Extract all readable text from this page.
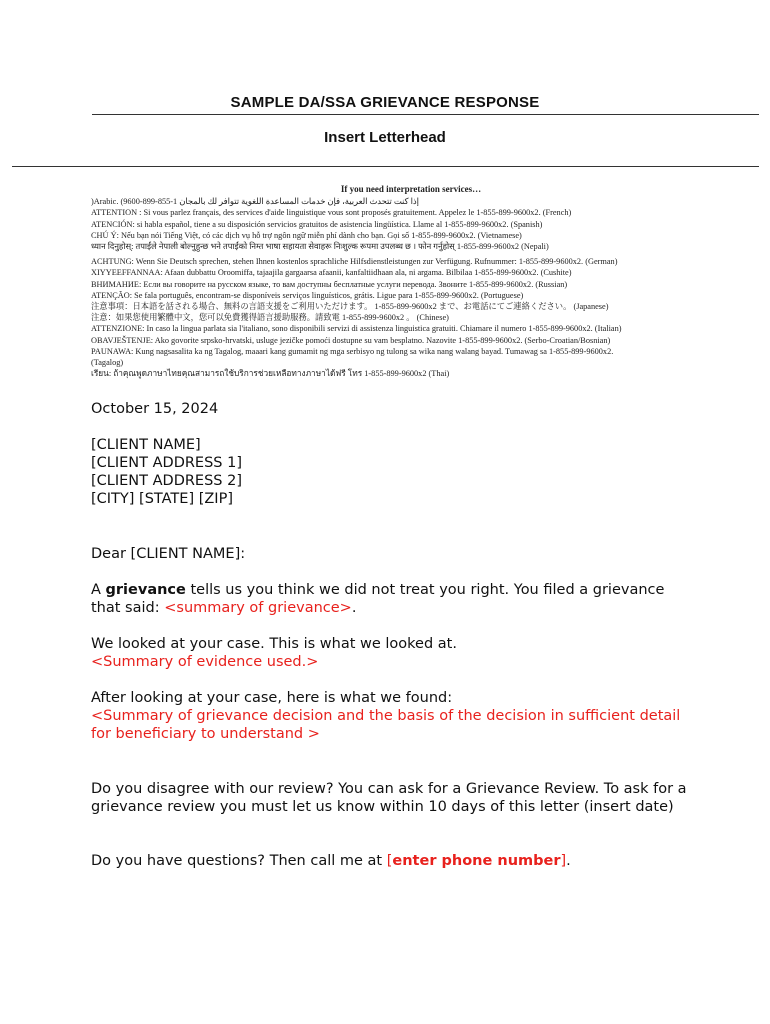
SAMPLE DA/SSA GRIEVANCE RESPONSE
Insert Letterhead
If you need interpretation services…
)Arabic. (9600-899-855-1 إذا كنت تتحدث العربية، فإن خدمات المساعدة اللغوية تتوافر لك بالمجان
ATTENTION : Si vous parlez français, des services d'aide linguistique vous sont proposés gratuitement. Appelez le 1-855-899-9600x2. (French)
ATENCIÓN: si habla español, tiene a su disposición servicios gratuitos de asistencia lingüística. Llame al 1-855-899-9600x2. (Spanish)
CHÚ Ý: Nếu bạn nói Tiếng Việt, có các dịch vụ hỗ trợ ngôn ngữ miễn phí dành cho bạn. Gọi số 1-855-899-9600x2. (Vietnamese)
ध्यान दिनुहोस्: तपाईंले नेपाली बोल्नुहुन्छ भने तपाईंको निम्त भाषा सहायता सेवाहरू निःशुल्क रूपमा उपलब्ध छ । फोन गर्नुहोस् 1-855-899-9600x2 (Nepali)
ACHTUNG: Wenn Sie Deutsch sprechen, stehen Ihnen kostenlos sprachliche Hilfsdienstleistungen zur Verfügung. Rufnummer: 1-855-899-9600x2. (German)
XIYYEEFFANNAA: Afaan dubbattu Oroomiffa, tajaajila gargaarsa afaanii, kanfaltiidhaan ala, ni argama. Bilbilaa 1-855-899-9600x2. (Cushite)
ВНИМАНИЕ: Если вы говорите на русском языке, то вам доступны бесплатные услуги перевода. Звоните 1-855-899-9600x2. (Russian)
ATENÇÃO: Se fala português, encontram-se disponíveis serviços linguísticos, grátis. Ligue para 1-855-899-9600x2. (Portuguese)
注意事項：日本語を話される場合、無料の言語支援をご利用いただけます。 1-855-899-9600x2 まで、お電話にてご連絡ください。 (Japanese)
注意：如果您使用繁體中文，您可以免費獲得語言援助服務。請致電 1-855-899-9600x2 。 (Chinese)
ATTENZIONE: In caso la lingua parlata sia l'italiano, sono disponibili servizi di assistenza linguistica gratuiti. Chiamare il numero 1-855-899-9600x2. (Italian)
OBAVJEŠTENJE: Ako govorite srpsko-hrvatski, usluge jezičke pomoći dostupne su vam besplatno. Nazovite 1-855-899-9600x2. (Serbo-Croatian/Bosnian)
PAUNAWA: Kung nagsasalita ka ng Tagalog, maaari kang gumamit ng mga serbisyo ng tulong sa wika nang walang bayad. Tumawag sa 1-855-899-9600x2.
(Tagalog)
เรียน: ถ้าคุณพูดภาษาไทยคุณสามารถใช้บริการช่วยเหลือทางภาษาได้ฟรี โทร 1-855-899-9600x2 (Thai)
October 15, 2024
[CLIENT NAME]
[CLIENT ADDRESS 1]
[CLIENT ADDRESS 2]
[CITY] [STATE] [ZIP]
Dear [CLIENT NAME]:
A grievance tells us you think we did not treat you right. You filed a grievance that said: <summary of grievance>.
We looked at your case. This is what we looked at.
<Summary of evidence used.>
After looking at your case, here is what we found:
<Summary of grievance decision and the basis of the decision in sufficient detail for beneficiary to understand >
Do you disagree with our review? You can ask for a Grievance Review. To ask for a grievance review you must let us know within 10 days of this letter (insert date)
Do you have questions? Then call me at [enter phone number].
